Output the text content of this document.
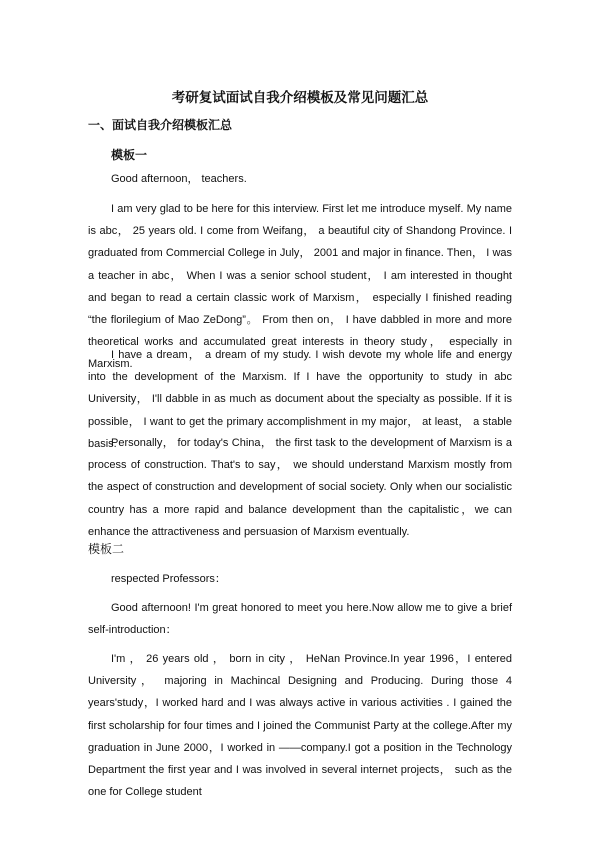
考研复试面试自我介绍模板及常见问题汇总
一、面试自我介绍模板汇总
模板一
Good afternoon， teachers.

I am very glad to be here for this interview. First let me introduce myself. My name is abc， 25 years old. I come from Weifang， a beautiful city of Shandong Province. I graduated from Commercial College in July， 2001 and major in finance. Then， I was a teacher in abc， When I was a senior school student， I am interested in thought and began to read a certain classic work of Marxism， especially I finished reading “the florilegium of Mao ZeDong”。 From then on， I have dabbled in more and more theoretical works and accumulated great interests in theory study， especially in Marxism.

I have a dream， a dream of my study. I wish devote my whole life and energy into the development of the Marxism. If I have the opportunity to study in abc University， I'll dabble in as much as document about the specialty as possible. If it is possible， I want to get the primary accomplishment in my major， at least， a stable basis.

Personally， for today's China， the first task to the development of Marxism is a process of construction. That's to say， we should understand Marxism mostly from the aspect of construction and development of social society. Only when our socialistic country has a more rapid and balance development than the capitalistic，we can enhance the attractiveness and persuasion of Marxism eventually.

模板二
respected Professors：

Good afternoon! I'm great honored to meet you here.Now allow me to give a brief self-introduction：

I'm ， 26 years old ， born in city ， HeNan Province.In year 1996，I entered University， majoring in Machincal Designing and Producing. During those 4 years'study，I worked hard and I was always active in various activities . I gained the first scholarship for four times and I joined the Communist Party at the college.After my graduation in June 2000，I worked in ——company.I got a position in the Technology Department the first year and I was involved in several internet projects， such as the one for College student
